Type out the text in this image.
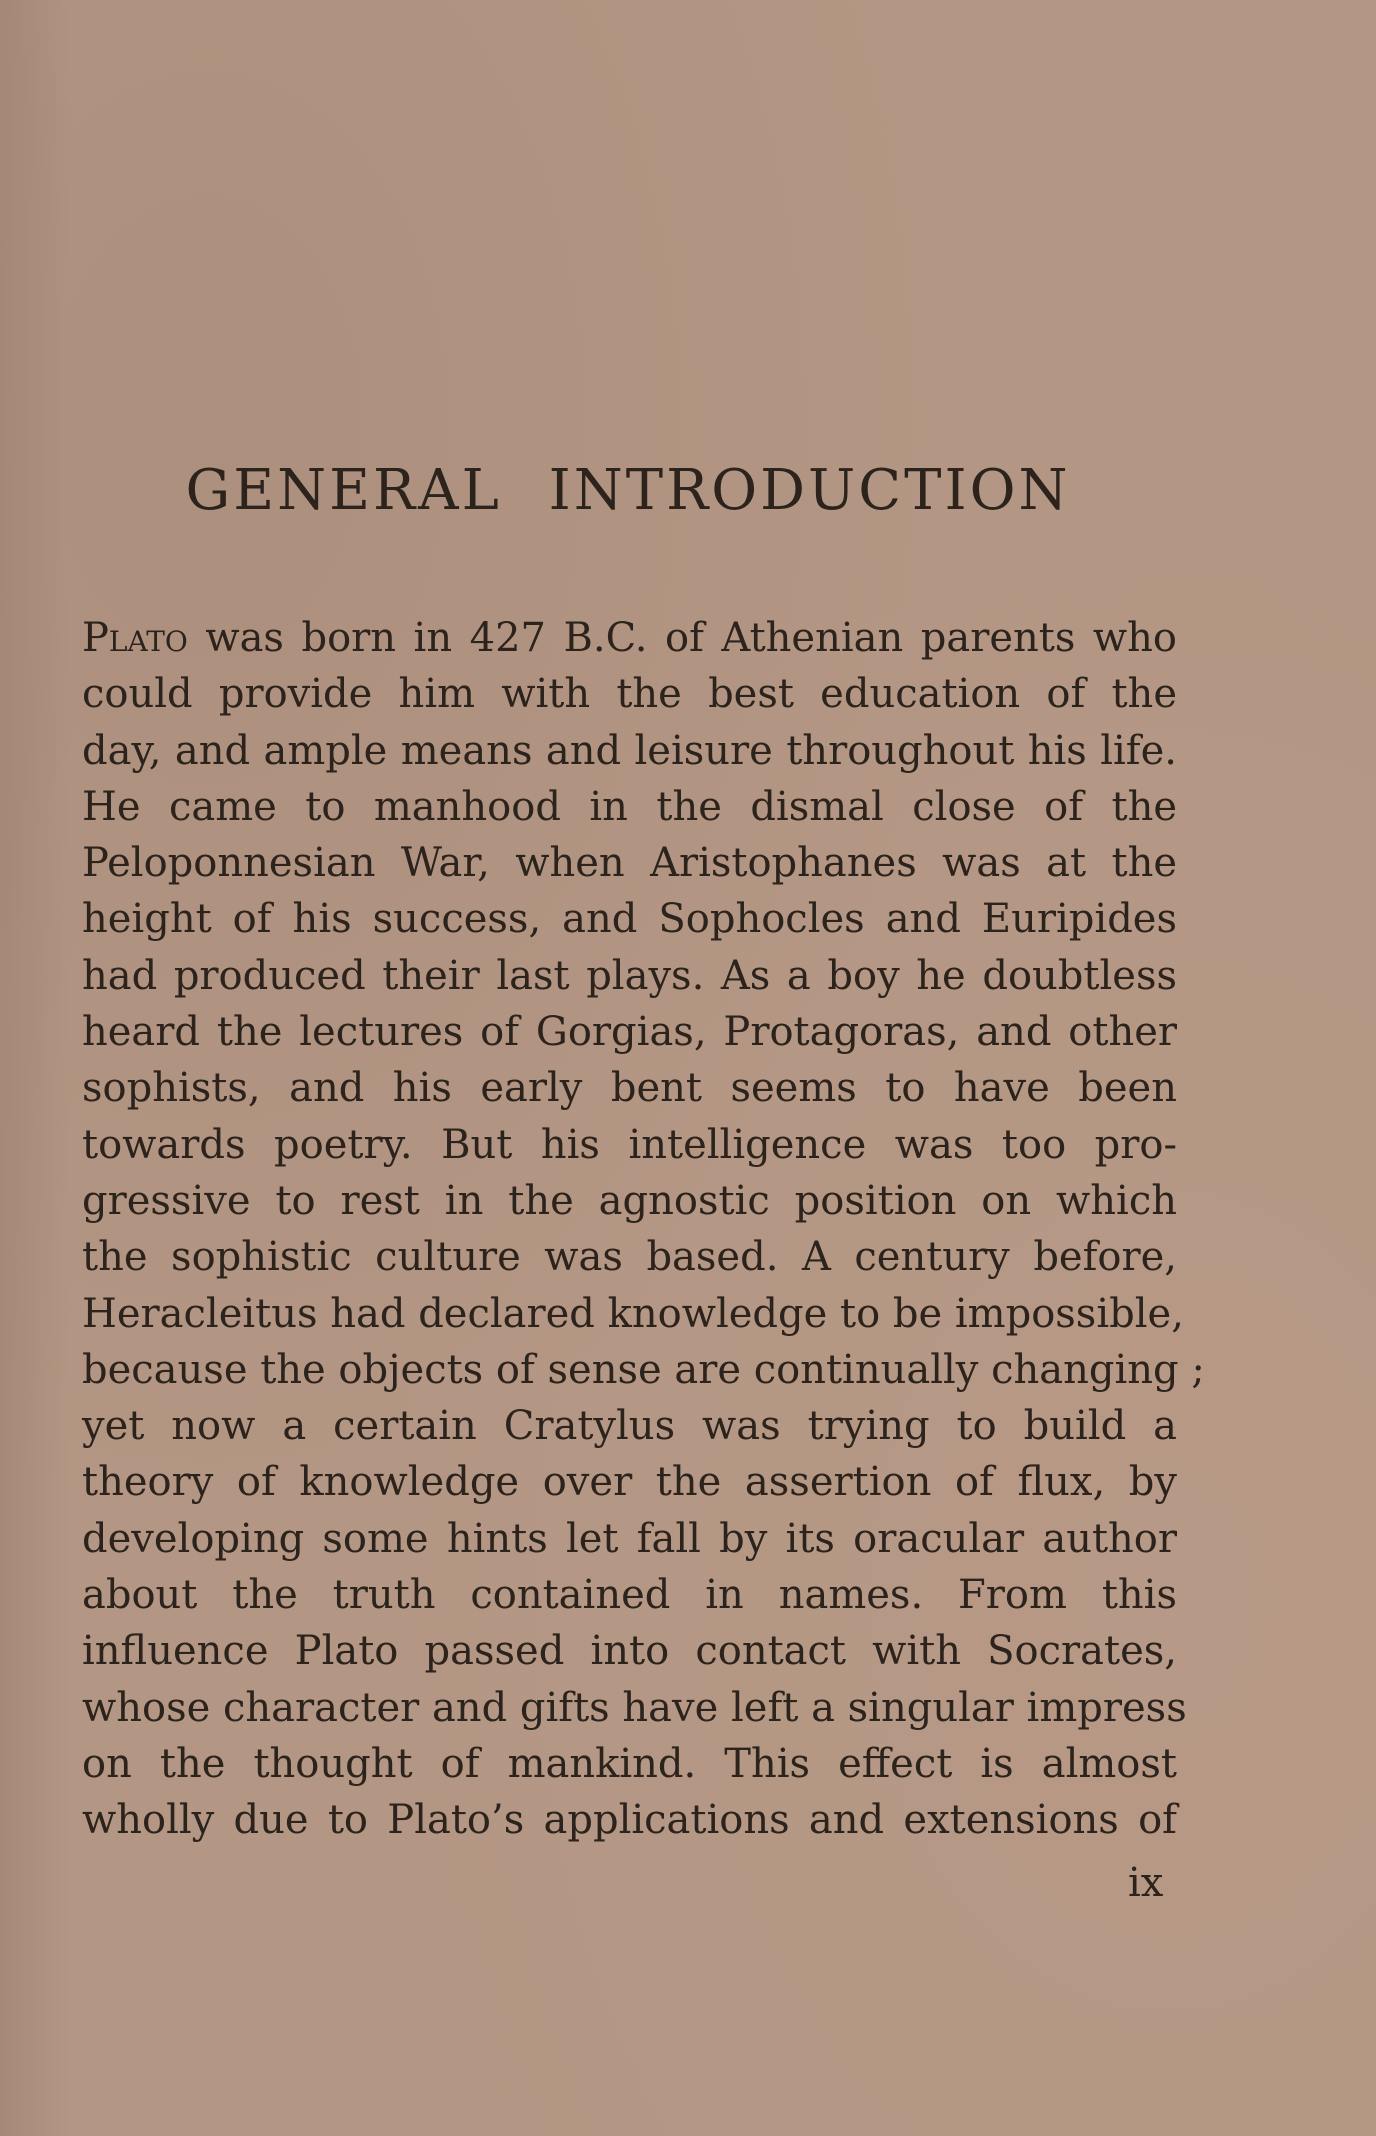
GENERAL INTRODUCTION
Plato was born in 427 B.C. of Athenian parents who
could provide him with the best education of the
day, and ample means and leisure throughout his life.
He came to manhood in the dismal close of the
Peloponnesian War, when Aristophanes was at the
height of his success, and Sophocles and Euripides
had produced their last plays. As a boy he doubtless
heard the lectures of Gorgias, Protagoras, and other
sophists, and his early bent seems to have been
towards poetry. But his intelligence was too pro-
gressive to rest in the agnostic position on which
the sophistic culture was based. A century before,
Heracleitus had declared knowledge to be impossible,
because the objects of sense are continually changing ;
yet now a certain Cratylus was trying to build a
theory of knowledge over the assertion of flux, by
developing some hints let fall by its oracular author
about the truth contained in names. From this
influence Plato passed into contact with Socrates,
whose character and gifts have left a singular impress
on the thought of mankind. This effect is almost
wholly due to Plato’s applications and extensions of
ix
